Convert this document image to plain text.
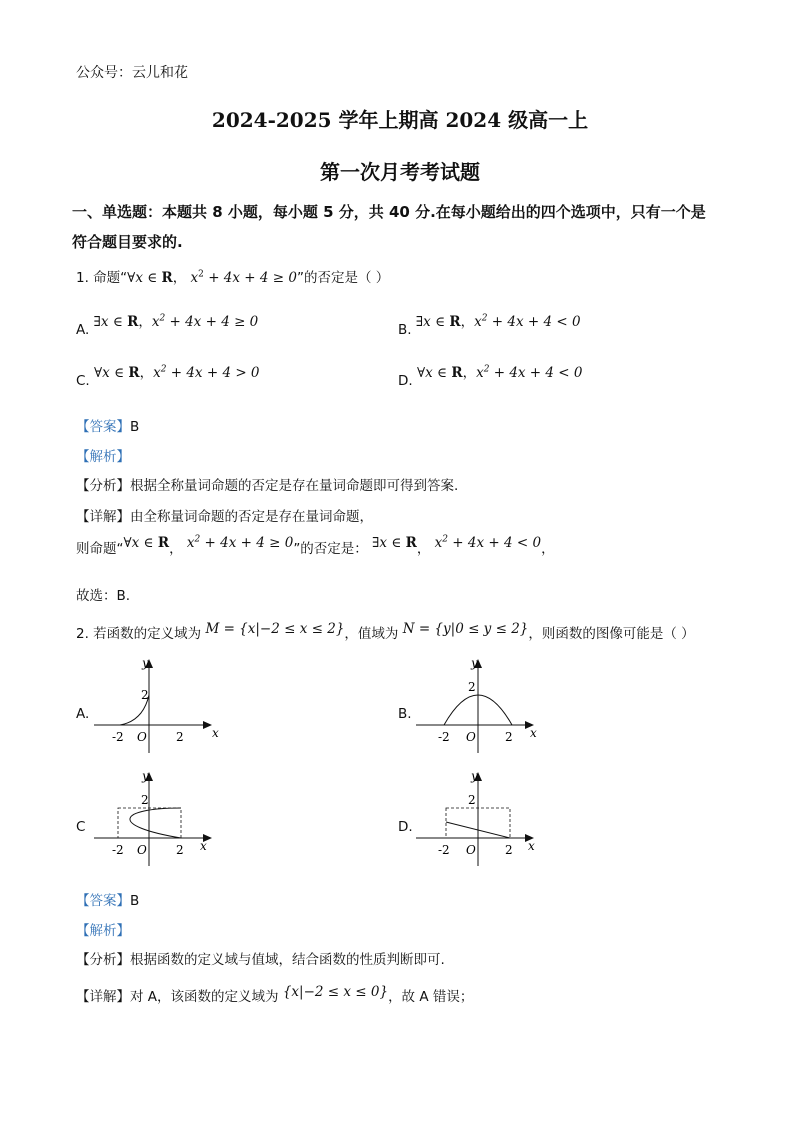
公众号：云儿和花
2024-2025 学年上期高 2024 级高一上
第一次月考考试题
一、单选题：本题共 8 小题，每小题 5 分，共 40 分.在每小题给出的四个选项中，只有一个是
符合题目要求的.
1. 命题“∀x ∈ R， $x^2 + 4x + 4 \ge 0$”的否定是（ ）
A. ∃x ∈ R，$x^2 + 4x + 4 \ge 0$	B. ∃x ∈ R，$x^2 + 4x + 4 < 0$
C. ∀x ∈ R，$x^2 + 4x + 4 > 0$	D. ∀x ∈ R，$x^2 + 4x + 4 < 0$
【答案】B
【解析】
【分析】根据全称量词命题的否定是存在量词命题即可得到答案.
【详解】由全称量词命题的否定是存在量词命题，
则命题“∀x ∈ R， $x^2 + 4x + 4 \ge 0$”的否定是： ∃x ∈ R， $x^2 + 4x + 4 < 0$，
故选：B.
2. 若函数的定义域为 M = {x|−2 ≤ x ≤ 2}，值域为 N = {y|0 ≤ y ≤ 2}，则函数的图像可能是（ ）
A.	B.
C	D.
y
x
O
-2	2
2
y
x
O
-2	2
2
y
x
O
-2	2
2
y
x
O
-2	2
2
【答案】B
【解析】
【分析】根据函数的定义域与值域，结合函数的性质判断即可.
【详解】对 A，该函数的定义域为 {x|−2 ≤ x ≤ 0}，故 A 错误；
